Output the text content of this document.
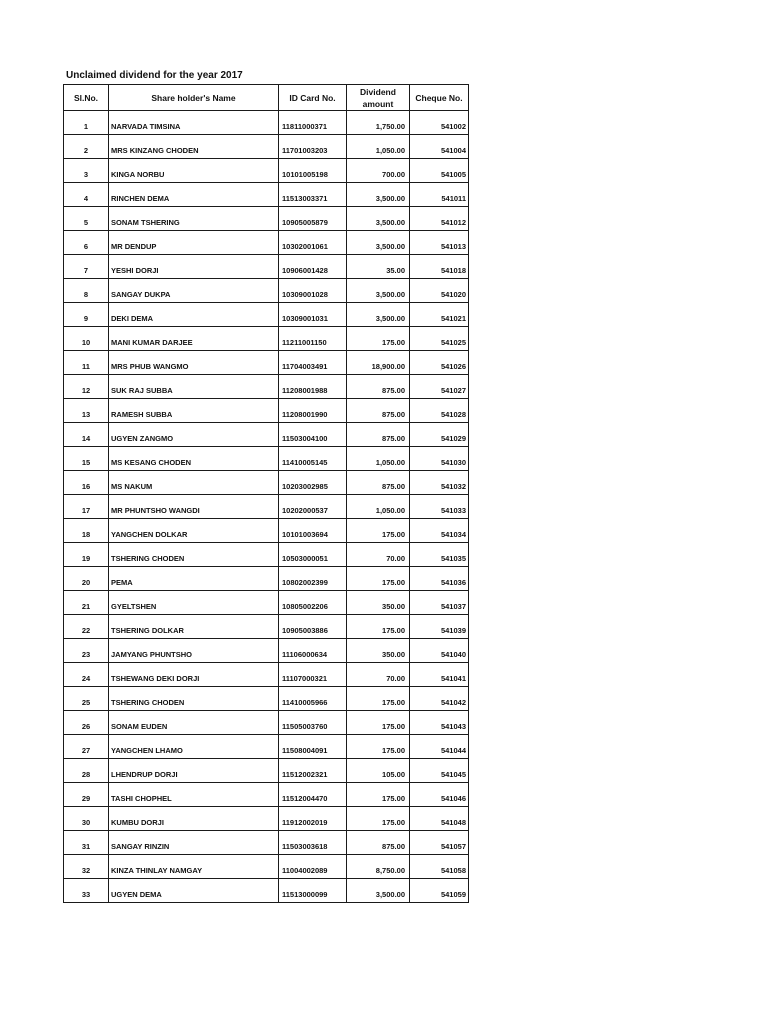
Unclaimed dividend for the year 2017
Sl.No.	Share holder's Name	ID Card No.	Dividend amount	Cheque No.
1	NARVADA TIMSINA	11811000371	1,750.00	541002
2	MRS KINZANG CHODEN	11701003203	1,050.00	541004
3	KINGA NORBU	10101005198	700.00	541005
4	RINCHEN DEMA	11513003371	3,500.00	541011
5	SONAM TSHERING	10905005879	3,500.00	541012
6	MR DENDUP	10302001061	3,500.00	541013
7	YESHI DORJI	10906001428	35.00	541018
8	SANGAY DUKPA	10309001028	3,500.00	541020
9	DEKI DEMA	10309001031	3,500.00	541021
10	MANI KUMAR DARJEE	11211001150	175.00	541025
11	MRS PHUB WANGMO	11704003491	18,900.00	541026
12	SUK RAJ SUBBA	11208001988	875.00	541027
13	RAMESH SUBBA	11208001990	875.00	541028
14	UGYEN ZANGMO	11503004100	875.00	541029
15	MS KESANG CHODEN	11410005145	1,050.00	541030
16	MS NAKUM	10203002985	875.00	541032
17	MR PHUNTSHO WANGDI	10202000537	1,050.00	541033
18	YANGCHEN DOLKAR	10101003694	175.00	541034
19	TSHERING CHODEN	10503000051	70.00	541035
20	PEMA	10802002399	175.00	541036
21	GYELTSHEN	10805002206	350.00	541037
22	TSHERING DOLKAR	10905003886	175.00	541039
23	JAMYANG PHUNTSHO	11106000634	350.00	541040
24	TSHEWANG DEKI DORJI	11107000321	70.00	541041
25	TSHERING CHODEN	11410005966	175.00	541042
26	SONAM EUDEN	11505003760	175.00	541043
27	YANGCHEN LHAMO	11508004091	175.00	541044
28	LHENDRUP DORJI	11512002321	105.00	541045
29	TASHI CHOPHEL	11512004470	175.00	541046
30	KUMBU DORJI	11912002019	175.00	541048
31	SANGAY RINZIN	11503003618	875.00	541057
32	KINZA THINLAY NAMGAY	11004002089	8,750.00	541058
33	UGYEN DEMA	11513000099	3,500.00	541059
